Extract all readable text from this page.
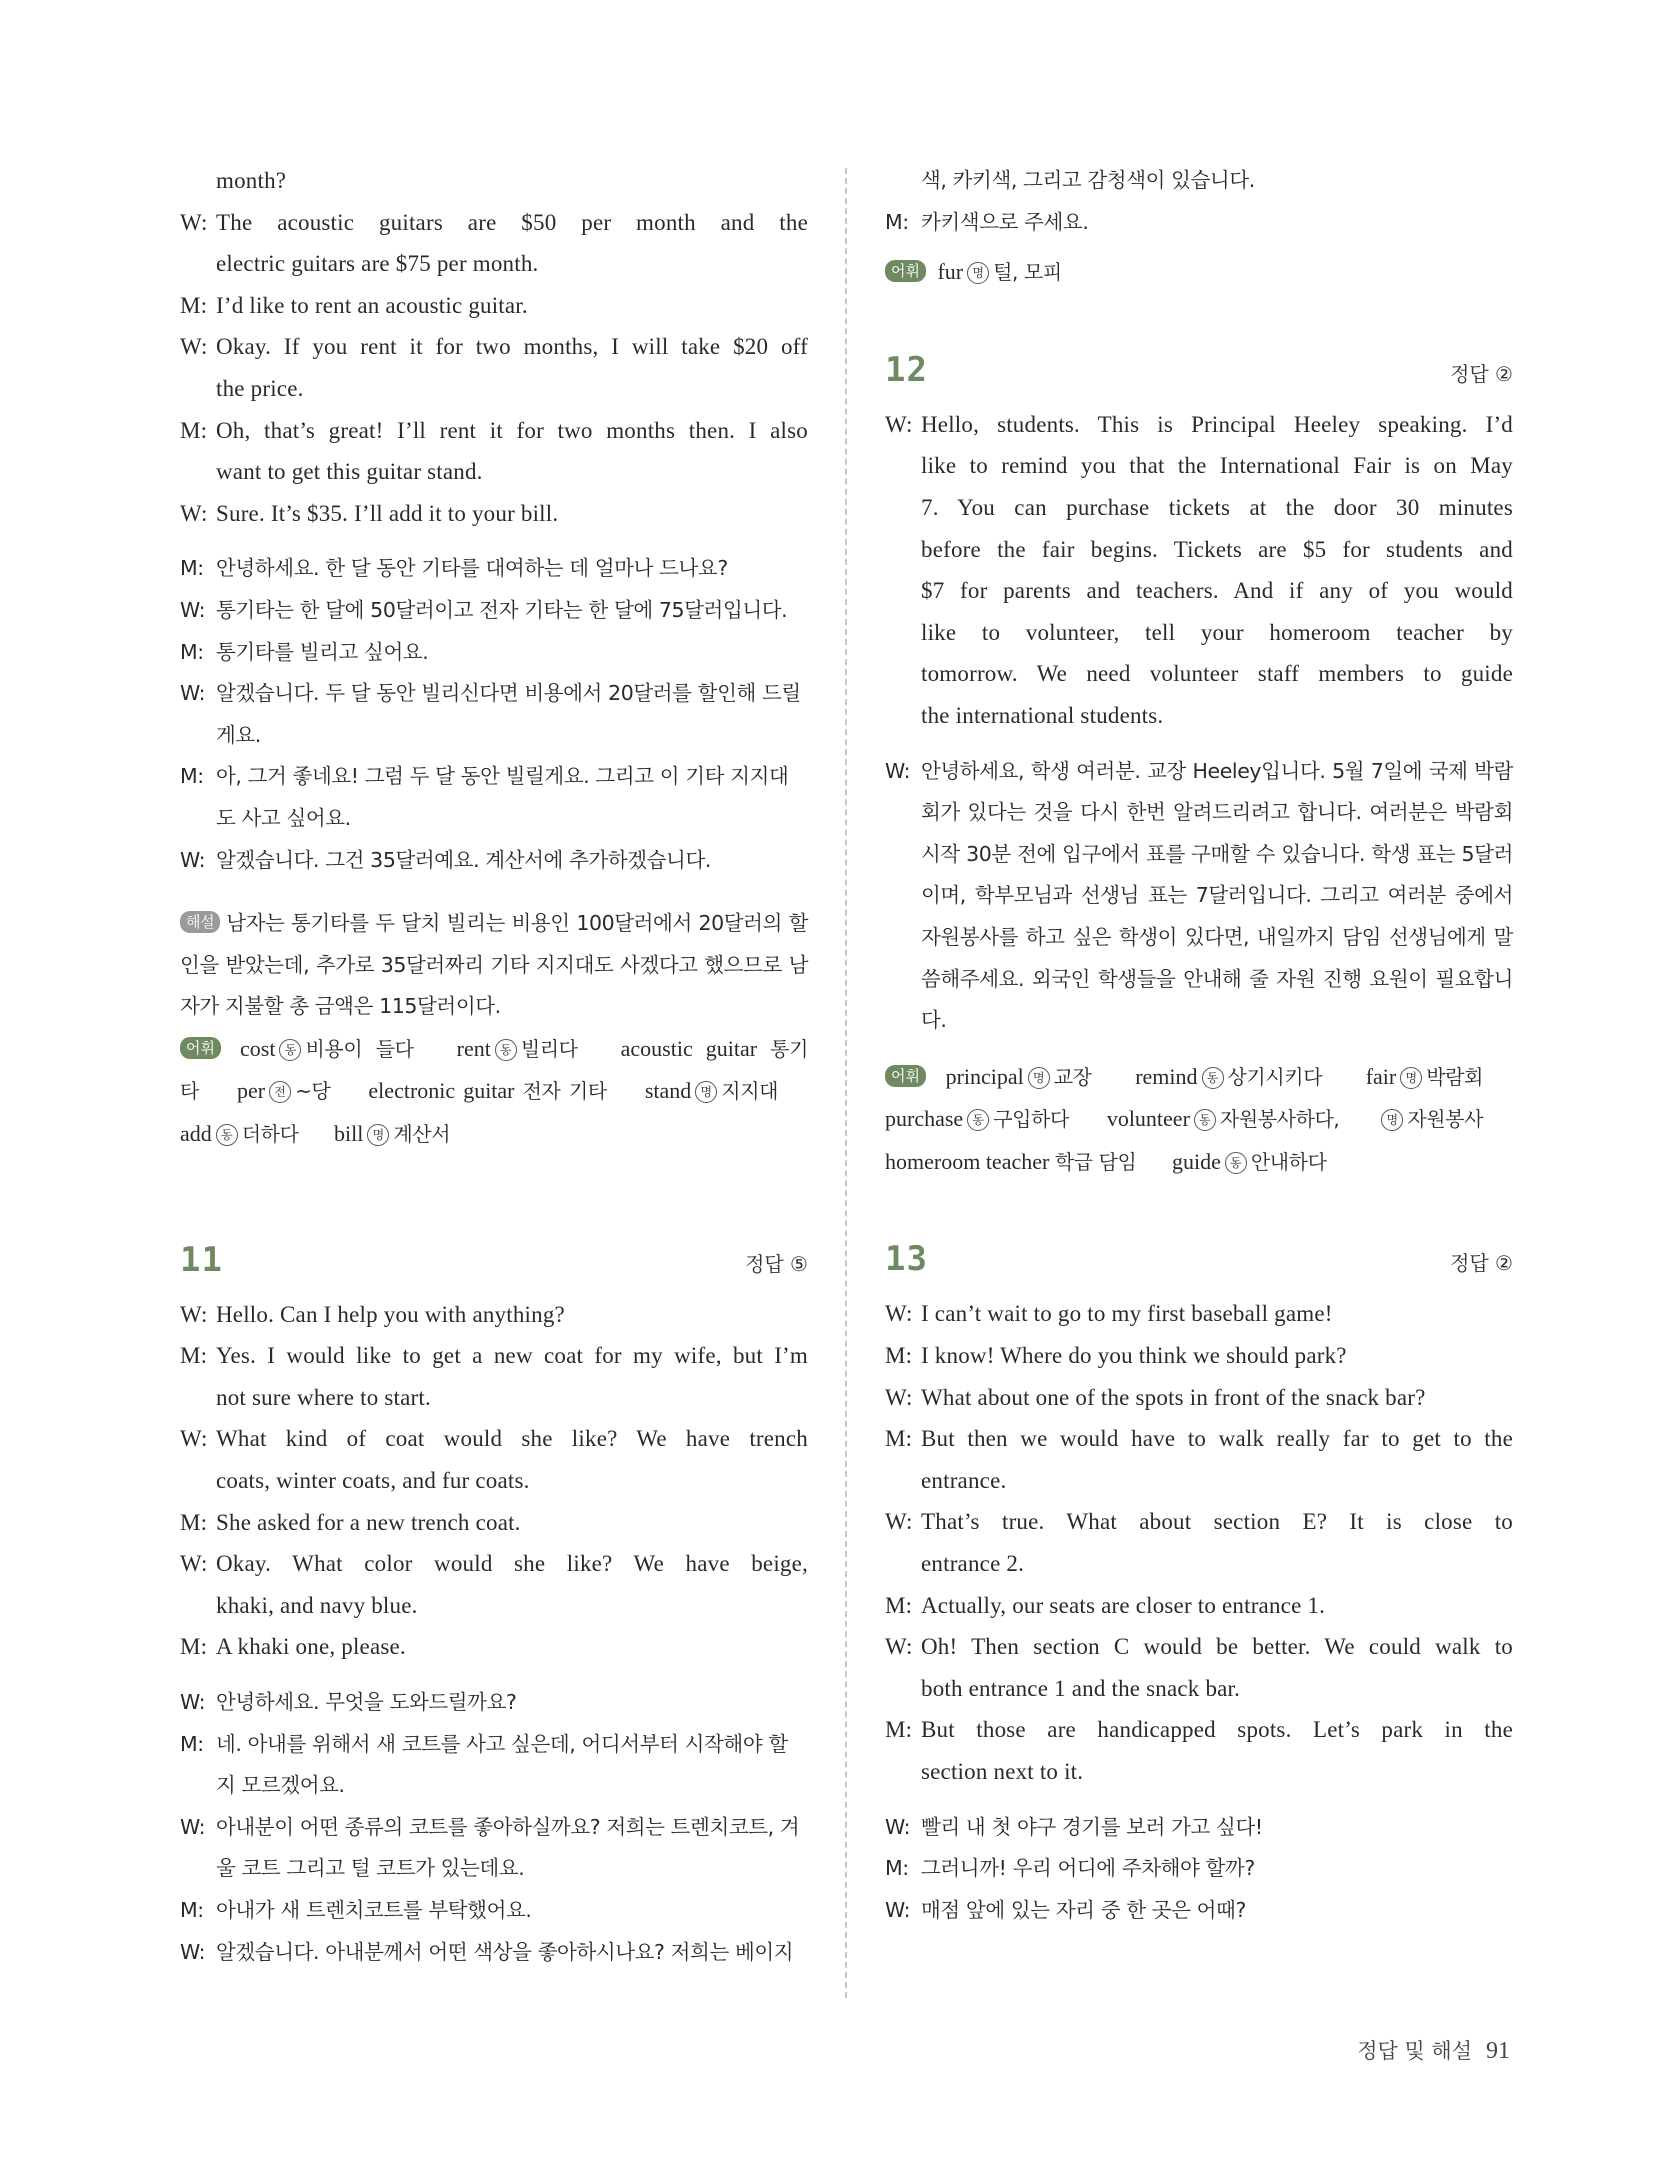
month?
W: The acoustic guitars are $50 per month and the
electric guitars are $75 per month.
M: I’d like to rent an acoustic guitar.
W: Okay. If you rent it for two months, I will take $20 off
the price.
M: Oh, that’s great! I’ll rent it for two months then. I also
want to get this guitar stand.
W: Sure. It’s $35. I’ll add it to your bill.
M: 안녕하세요. 한 달 동안 기타를 대여하는 데 얼마나 드나요?
W: 통기타는 한 달에 50달러이고 전자 기타는 한 달에 75달러입니다.
M: 통기타를 빌리고 싶어요.
W: 알겠습니다. 두 달 동안 빌리신다면 비용에서 20달러를 할인해 드릴
게요.
M: 아, 그거 좋네요! 그럼 두 달 동안 빌릴게요. 그리고 이 기타 지지대
도 사고 싶어요.
W: 알겠습니다. 그건 35달러예요. 계산서에 추가하겠습니다.

해설 남자는 통기타를 두 달치 빌리는 비용인 100달러에서 20달러의 할인을 받았는데, 추가로 35달러짜리 기타 지지대도 사겠다고 했으므로 남자가 지불할 총 금액은 115달러이다.

어휘 cost 동 비용이 들다 rent 동 빌리다 acoustic guitar 통기타 per 전 ~당 electronic guitar 전자 기타 stand 명 지지대 add 동 더하다 bill 명 계산서

11	정답 ⑤
W: Hello. Can I help you with anything?
M: Yes. I would like to get a new coat for my wife, but I’m
not sure where to start.
W: What kind of coat would she like? We have trench
coats, winter coats, and fur coats.
M: She asked for a new trench coat.
W: Okay. What color would she like? We have beige,
khaki, and navy blue.
M: A khaki one, please.
W: 안녕하세요. 무엇을 도와드릴까요?
M: 네. 아내를 위해서 새 코트를 사고 싶은데, 어디서부터 시작해야 할
지 모르겠어요.
W: 아내분이 어떤 종류의 코트를 좋아하실까요? 저희는 트렌치코트, 겨
울 코트 그리고 털 코트가 있는데요.
M: 아내가 새 트렌치코트를 부탁했어요.
W: 알겠습니다. 아내분께서 어떤 색상을 좋아하시나요? 저희는 베이지
색, 카키색, 그리고 감청색이 있습니다.
M: 카키색으로 주세요.

어휘 fur 명 털, 모피

12	정답 ②
W: Hello, students. This is Principal Heeley speaking. I’d
like to remind you that the International Fair is on May
7. You can purchase tickets at the door 30 minutes
before the fair begins. Tickets are $5 for students and
$7 for parents and teachers. And if any of you would
like to volunteer, tell your homeroom teacher by
tomorrow. We need volunteer staff members to guide
the international students.
W: 안녕하세요, 학생 여러분. 교장 Heeley입니다. 5월 7일에 국제 박람회가 있다는 것을 다시 한번 알려드리려고 합니다. 여러분은 박람회 시작 30분 전에 입구에서 표를 구매할 수 있습니다. 학생 표는 5달러이며, 학부모님과 선생님 표는 7달러입니다. 그리고 여러분 중에서 자원봉사를 하고 싶은 학생이 있다면, 내일까지 담임 선생님에게 말씀해주세요. 외국인 학생들을 안내해 줄 자원 진행 요원이 필요합니다.

어휘 principal 명 교장 remind 동 상기시키다 fair 명 박람회 purchase 동 구입하다 volunteer 동 자원봉사하다,	명 자원봉사 homeroom teacher 학급 담임 guide 동 안내하다

13	정답 ②
W: I can’t wait to go to my first baseball game!
M: I know! Where do you think we should park?
W: What about one of the spots in front of the snack bar?
M: But then we would have to walk really far to get to the
entrance.
W: That’s true. What about section E? It is close to
entrance 2.
M: Actually, our seats are closer to entrance 1.
W: Oh! Then section C would be better. We could walk to
both entrance 1 and the snack bar.
M: But those are handicapped spots. Let’s park in the
section next to it.
W: 빨리 내 첫 야구 경기를 보러 가고 싶다!
M: 그러니까! 우리 어디에 주차해야 할까?
W: 매점 앞에 있는 자리 중 한 곳은 어때?
정답 및 해설 91
